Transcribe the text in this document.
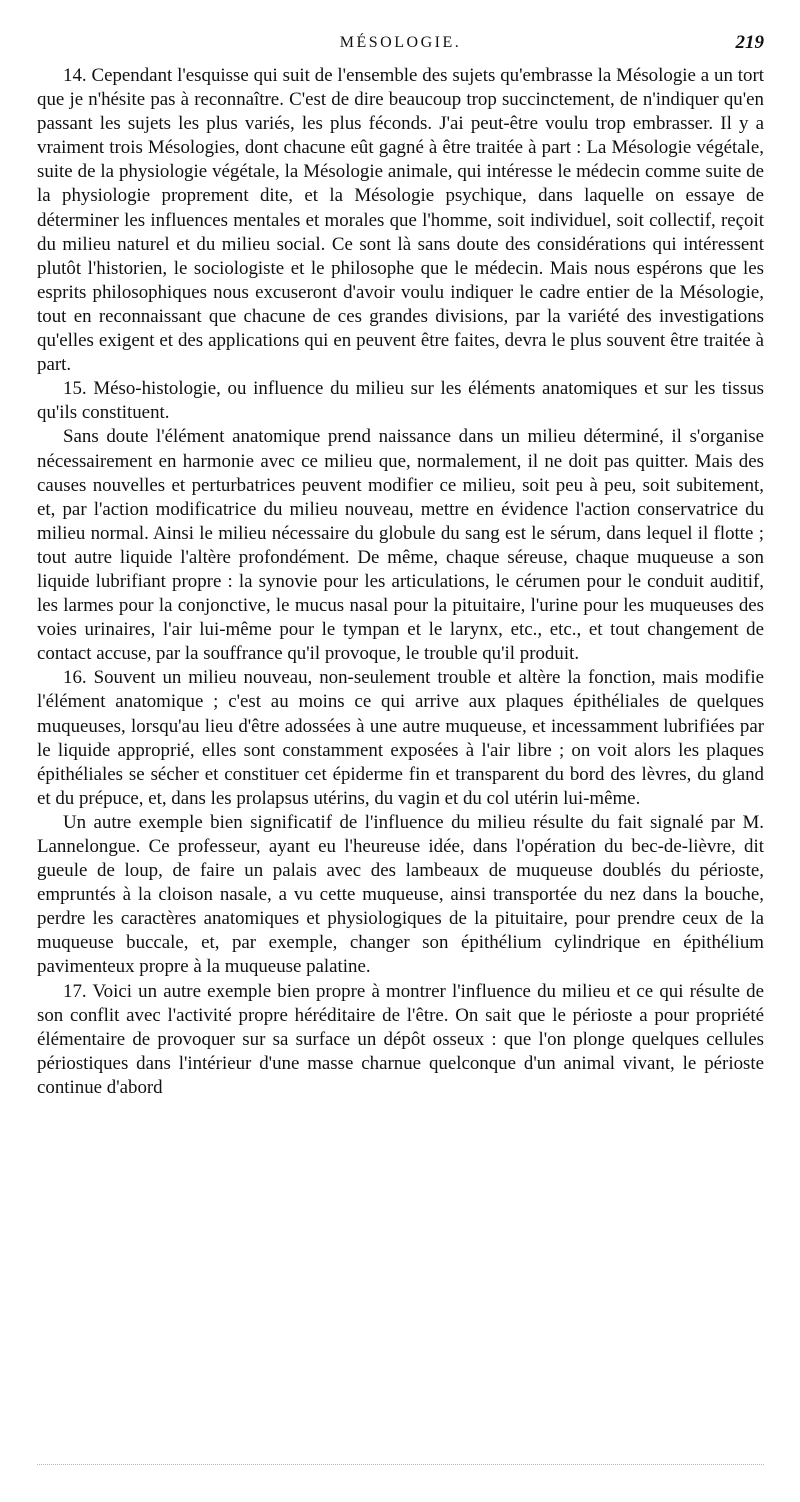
MÉSOLOGIE.	219

14. Cependant l'esquisse qui suit de l'ensemble des sujets qu'embrasse la Mésologie a un tort que je n'hésite pas à reconnaître. C'est de dire beaucoup trop succinctement, de n'indiquer qu'en passant les sujets les plus variés, les plus féconds. J'ai peut-être voulu trop embrasser. Il y a vraiment trois Mésologies, dont chacune eût gagné à être traitée à part : La Mésologie végétale, suite de la physiologie végétale, la Mésologie animale, qui intéresse le médecin comme suite de la physiologie proprement dite, et la Mésologie psychique, dans laquelle on essaye de déterminer les influences mentales et morales que l'homme, soit individuel, soit collectif, reçoit du milieu naturel et du milieu social. Ce sont là sans doute des considérations qui intéressent plutôt l'historien, le sociologiste et le philosophe que le médecin. Mais nous espérons que les esprits philosophiques nous excuseront d'avoir voulu indiquer le cadre entier de la Mésologie, tout en reconnaissant que chacune de ces grandes divisions, par la variété des investigations qu'elles exigent et des applications qui en peuvent être faites, devra le plus souvent être traitée à part.

15. Méso-histologie, ou influence du milieu sur les éléments anatomiques et sur les tissus qu'ils constituent.

Sans doute l'élément anatomique prend naissance dans un milieu déterminé, il s'organise nécessairement en harmonie avec ce milieu que, normalement, il ne doit pas quitter. Mais des causes nouvelles et perturbatrices peuvent modifier ce milieu, soit peu à peu, soit subitement, et, par l'action modificatrice du milieu nouveau, mettre en évidence l'action conservatrice du milieu normal. Ainsi le milieu nécessaire du globule du sang est le sérum, dans lequel il flotte ; tout autre liquide l'altère profondément. De même, chaque séreuse, chaque muqueuse a son liquide lubrifiant propre : la synovie pour les articulations, le cérumen pour le conduit auditif, les larmes pour la conjonctive, le mucus nasal pour la pituitaire, l'urine pour les muqueuses des voies urinaires, l'air lui-même pour le tympan et le larynx, etc., etc., et tout changement de contact accuse, par la souffrance qu'il provoque, le trouble qu'il produit.

16. Souvent un milieu nouveau, non-seulement trouble et altère la fonction, mais modifie l'élément anatomique ; c'est au moins ce qui arrive aux plaques épithéliales de quelques muqueuses, lorsqu'au lieu d'être adossées à une autre muqueuse, et incessamment lubrifiées par le liquide approprié, elles sont constamment exposées à l'air libre ; on voit alors les plaques épithéliales se sécher et constituer cet épiderme fin et transparent du bord des lèvres, du gland et du prépuce, et, dans les prolapsus utérins, du vagin et du col utérin lui-même.

Un autre exemple bien significatif de l'influence du milieu résulte du fait signalé par M. Lannelongue. Ce professeur, ayant eu l'heureuse idée, dans l'opération du bec-de-lièvre, dit gueule de loup, de faire un palais avec des lambeaux de muqueuse doublés du périoste, empruntés à la cloison nasale, a vu cette muqueuse, ainsi transportée du nez dans la bouche, perdre les caractères anatomiques et physiologiques de la pituitaire, pour prendre ceux de la muqueuse buccale, et, par exemple, changer son épithélium cylindrique en épithélium pavimenteux propre à la muqueuse palatine.

17. Voici un autre exemple bien propre à montrer l'influence du milieu et ce qui résulte de son conflit avec l'activité propre héréditaire de l'être. On sait que le périoste a pour propriété élémentaire de provoquer sur sa surface un dépôt osseux : que l'on plonge quelques cellules périostiques dans l'intérieur d'une masse charnue quelconque d'un animal vivant, le périoste continue d'abord
